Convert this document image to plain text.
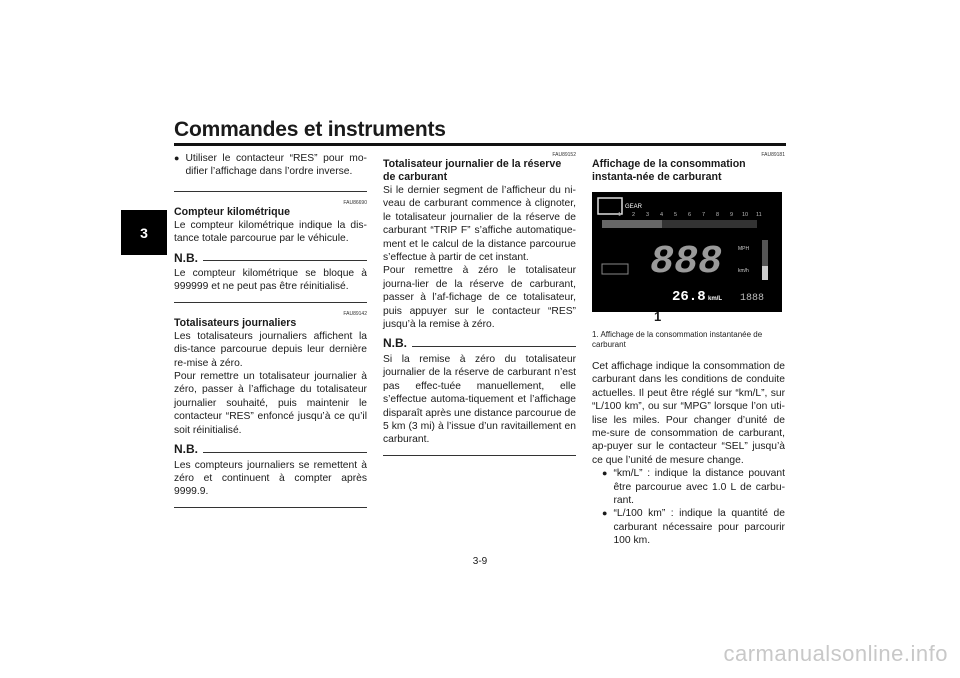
Commandes et instruments
3
● Utiliser le contacteur “RES” pour mo-difier l’affichage dans l’ordre inverse.
FAU86690
Compteur kilométrique

Le compteur kilométrique indique la dis-tance totale parcourue par le véhicule.

N.B.

Le compteur kilométrique se bloque à 999999 et ne peut pas être réinitialisé.

FAU89142
Totalisateurs journaliers

Les totalisateurs journaliers affichent la dis-tance parcourue depuis leur dernière re-mise à zéro.
Pour remettre un totalisateur journalier à zéro, passer à l’affichage du totalisateur journalier souhaité, puis maintenir le contacteur “RES” enfoncé jusqu’à ce qu’il soit réinitialisé.

N.B.

Les compteurs journaliers se remettent à zéro et continuent à compter après 9999.9.

FAU89152
Totalisateur journalier de la réserve de carburant

Si le dernier segment de l’afficheur du ni-veau de carburant commence à clignoter, le totalisateur journalier de la réserve de carburant “TRIP F” s’affiche automatique-ment et le calcul de la distance parcourue s’effectue à partir de cet instant.

Pour remettre à zéro le totalisateur journa-lier de la réserve de carburant, passer à l’af-fichage de ce totalisateur, puis appuyer sur le contacteur “RES” jusqu’à la remise à zéro.

N.B.

Si la remise à zéro du totalisateur journalier de la réserve de carburant n’est pas effec-tuée manuellement, elle s’effectue automa-tiquement et l’affichage disparaît après une distance parcourue de 5 km (3 mi) à l’issue d’un ravitaillement en carburant.

FAU89181
Affichage de la consommation instanta-née de carburant
GEAR
1 2 3 4 5 6 7 8 9 10 11
888	MPH
km/h
26.8 km/L 1888
1
1. Affichage de la consommation instantanée de carburant

Cet affichage indique la consommation de carburant dans les conditions de conduite actuelles. Il peut être réglé sur “km/L”, sur “L/100 km”, ou sur “MPG” lorsque l’on uti-lise les miles. Pour changer d’unité de me-sure de consommation de carburant, ap-puyer sur le contacteur “SEL” jusqu’à ce que l’unité de mesure change.

● “km/L” : indique la distance pouvant être parcourue avec 1.0 L de carbu-rant.
● “L/100 km” : indique la quantité de carburant nécessaire pour parcourir 100 km.
3-9
carmanualsonline.info
